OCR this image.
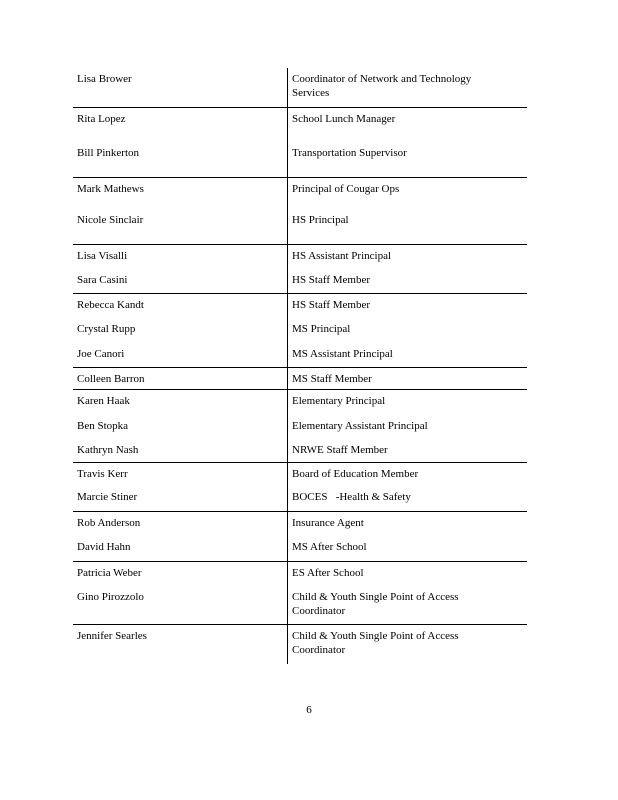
Lisa Brower	Coordinator of Network and Technology Services
Rita Lopez	School Lunch Manager
Bill Pinkerton	Transportation Supervisor
Mark Mathews	Principal of Cougar Ops
Nicole Sinclair	HS Principal
Lisa Visalli	HS Assistant Principal
Sara Casini	HS Staff Member
Rebecca Kandt	HS Staff Member
Crystal Rupp	MS Principal
Joe Canori	MS Assistant Principal
Colleen Barron	MS Staff Member
Karen Haak	Elementary Principal
Ben Stopka	Elementary Assistant Principal
Kathryn Nash	NRWE Staff Member
Travis Kerr	Board of Education Member
Marcie Stiner	BOCES   -Health & Safety
Rob Anderson	Insurance Agent
David Hahn	MS After School
Patricia Weber	ES After School
Gino Pirozzolo	Child & Youth Single Point of Access Coordinator
Jennifer Searles	Child & Youth Single Point of Access Coordinator
6
